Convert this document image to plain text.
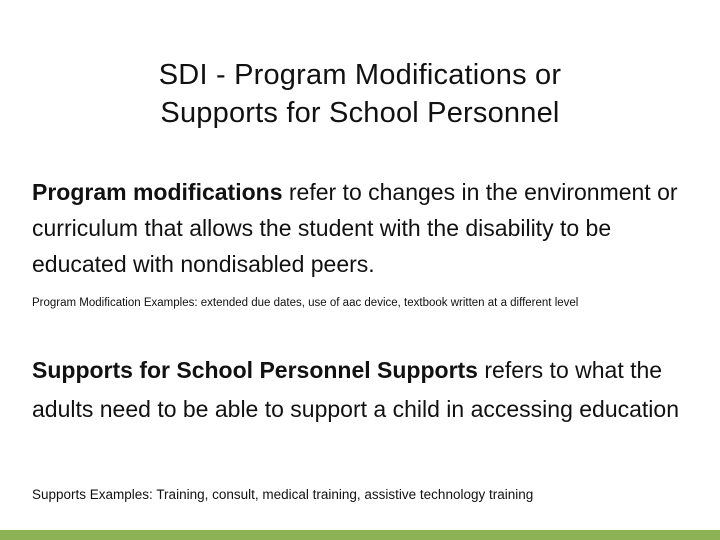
SDI - Program Modifications or
Supports for School Personnel
Program modifications refer to changes in the environment or curriculum that allows the student with the disability to be educated with nondisabled peers.
Program Modification Examples: extended due dates, use of aac device, textbook written at a different level
Supports for School Personnel Supports refers to what the adults need to be able to support a child in accessing education
Supports Examples: Training, consult, medical training, assistive technology training
